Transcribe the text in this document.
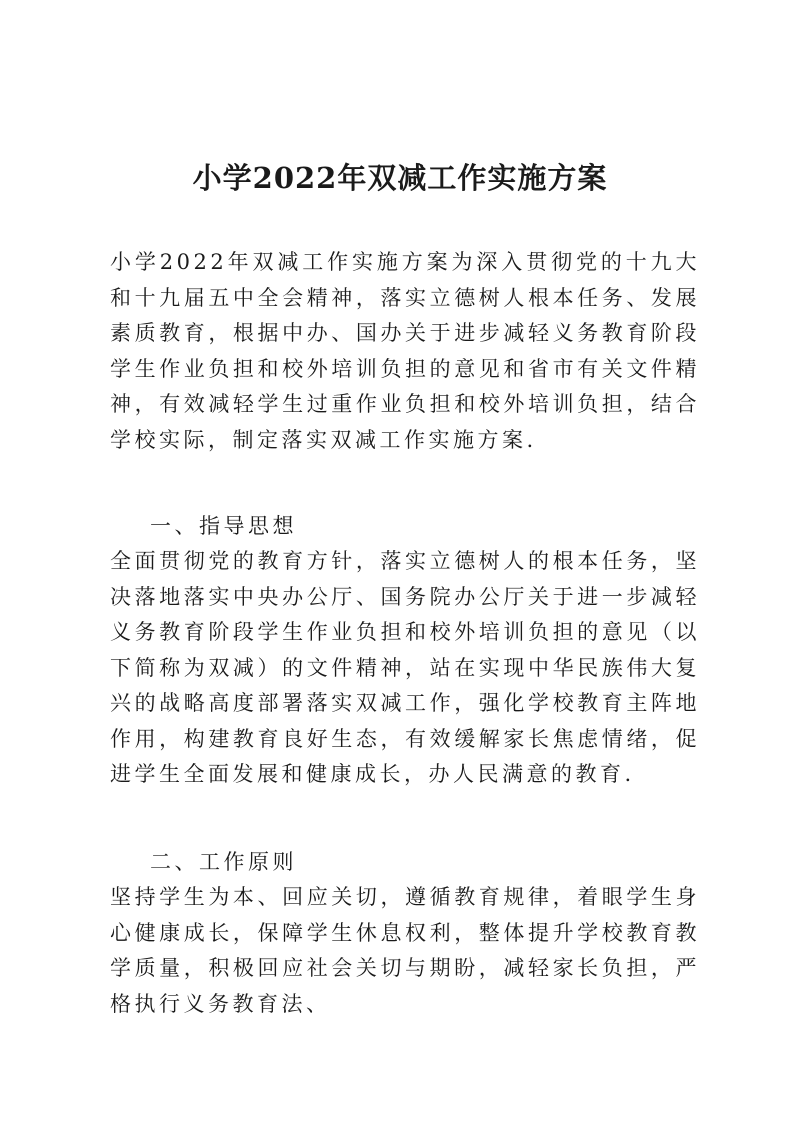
小学2022年双减工作实施方案

小学2022年双减工作实施方案为深入贯彻党的十九大和十九届五中全会精神，落实立德树人根本任务、发展素质教育，根据中办、国办关于进步减轻义务教育阶段学生作业负担和校外培训负担的意见和省市有关文件精神，有效减轻学生过重作业负担和校外培训负担，结合学校实际，制定落实双减工作实施方案.

一、指导思想

全面贯彻党的教育方针，落实立德树人的根本任务，坚决落地落实中央办公厅、国务院办公厅关于进一步减轻义务教育阶段学生作业负担和校外培训负担的意见（以下简称为双减）的文件精神，站在实现中华民族伟大复兴的战略高度部署落实双减工作，强化学校教育主阵地作用，构建教育良好生态，有效缓解家长焦虑情绪，促进学生全面发展和健康成长，办人民满意的教育.

二、工作原则

坚持学生为本、回应关切，遵循教育规律，着眼学生身心健康成长，保障学生休息权利，整体提升学校教育教学质量，积极回应社会关切与期盼，减轻家长负担，严格执行义务教育法、
